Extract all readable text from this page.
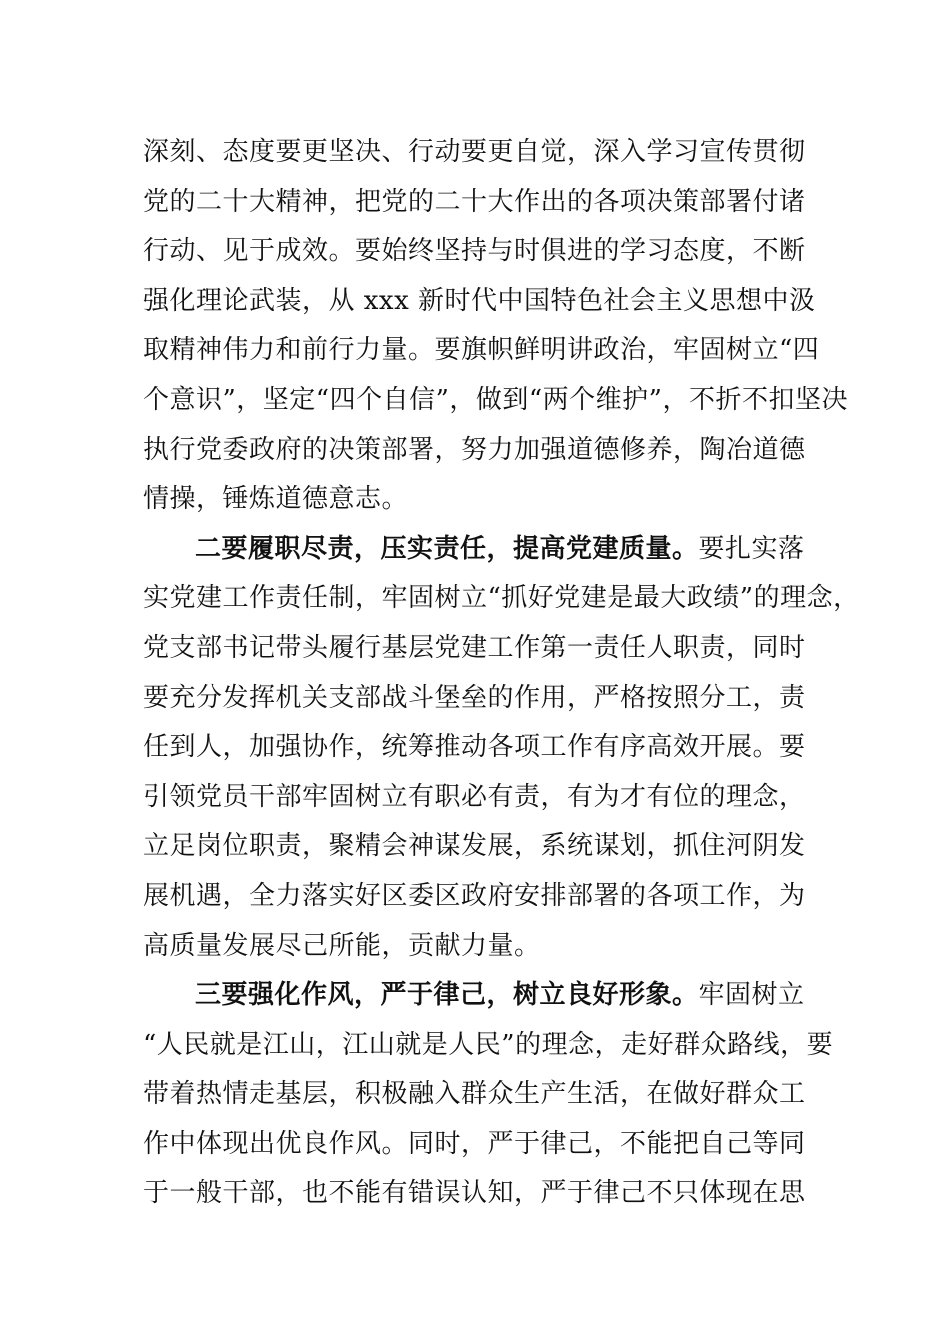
深刻、态度要更坚决、行动要更自觉，深入学习宣传贯彻
党的二十大精神，把党的二十大作出的各项决策部署付诸
行动、见于成效。要始终坚持与时俱进的学习态度，不断
强化理论武装，从 xxx 新时代中国特色社会主义思想中汲
取精神伟力和前行力量。要旗帜鲜明讲政治，牢固树立“四
个意识”，坚定“四个自信”，做到“两个维护”，不折不扣坚决
执行党委政府的决策部署，努力加强道德修养，陶冶道德
情操，锤炼道德意志。
二要履职尽责，压实责任，提高党建质量。要扎实落
实党建工作责任制，牢固树立“抓好党建是最大政绩”的理念，
党支部书记带头履行基层党建工作第一责任人职责，同时
要充分发挥机关支部战斗堡垒的作用，严格按照分工，责
任到人，加强协作，统筹推动各项工作有序高效开展。要
引领党员干部牢固树立有职必有责，有为才有位的理念，
立足岗位职责，聚精会神谋发展，系统谋划，抓住河阴发
展机遇，全力落实好区委区政府安排部署的各项工作，为
高质量发展尽己所能，贡献力量。
三要强化作风，严于律己，树立良好形象。牢固树立
“人民就是江山，江山就是人民”的理念，走好群众路线，要
带着热情走基层，积极融入群众生产生活，在做好群众工
作中体现出优良作风。同时，严于律己，不能把自己等同
于一般干部，也不能有错误认知，严于律己不只体现在思
